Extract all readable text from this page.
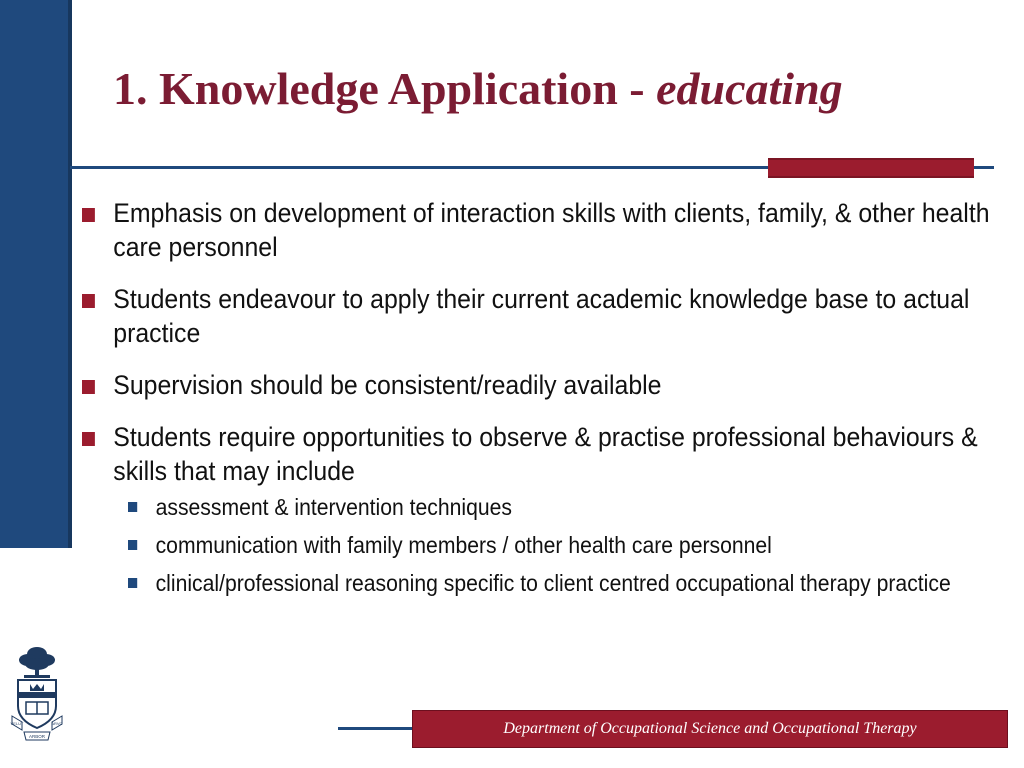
1. Knowledge Application - educating
Emphasis on development of interaction skills with clients, family, & other health care personnel
Students endeavour to apply their current academic knowledge base to actual practice
Supervision should be consistent/readily available
Students require opportunities to observe & practise professional behaviours & skills that may include
assessment & intervention techniques
communication with family members / other health care personnel
clinical/professional reasoning specific to client centred occupational therapy practice
VELUT	ARVO
ARBOR	Department of Occupational Science and Occupational Therapy
